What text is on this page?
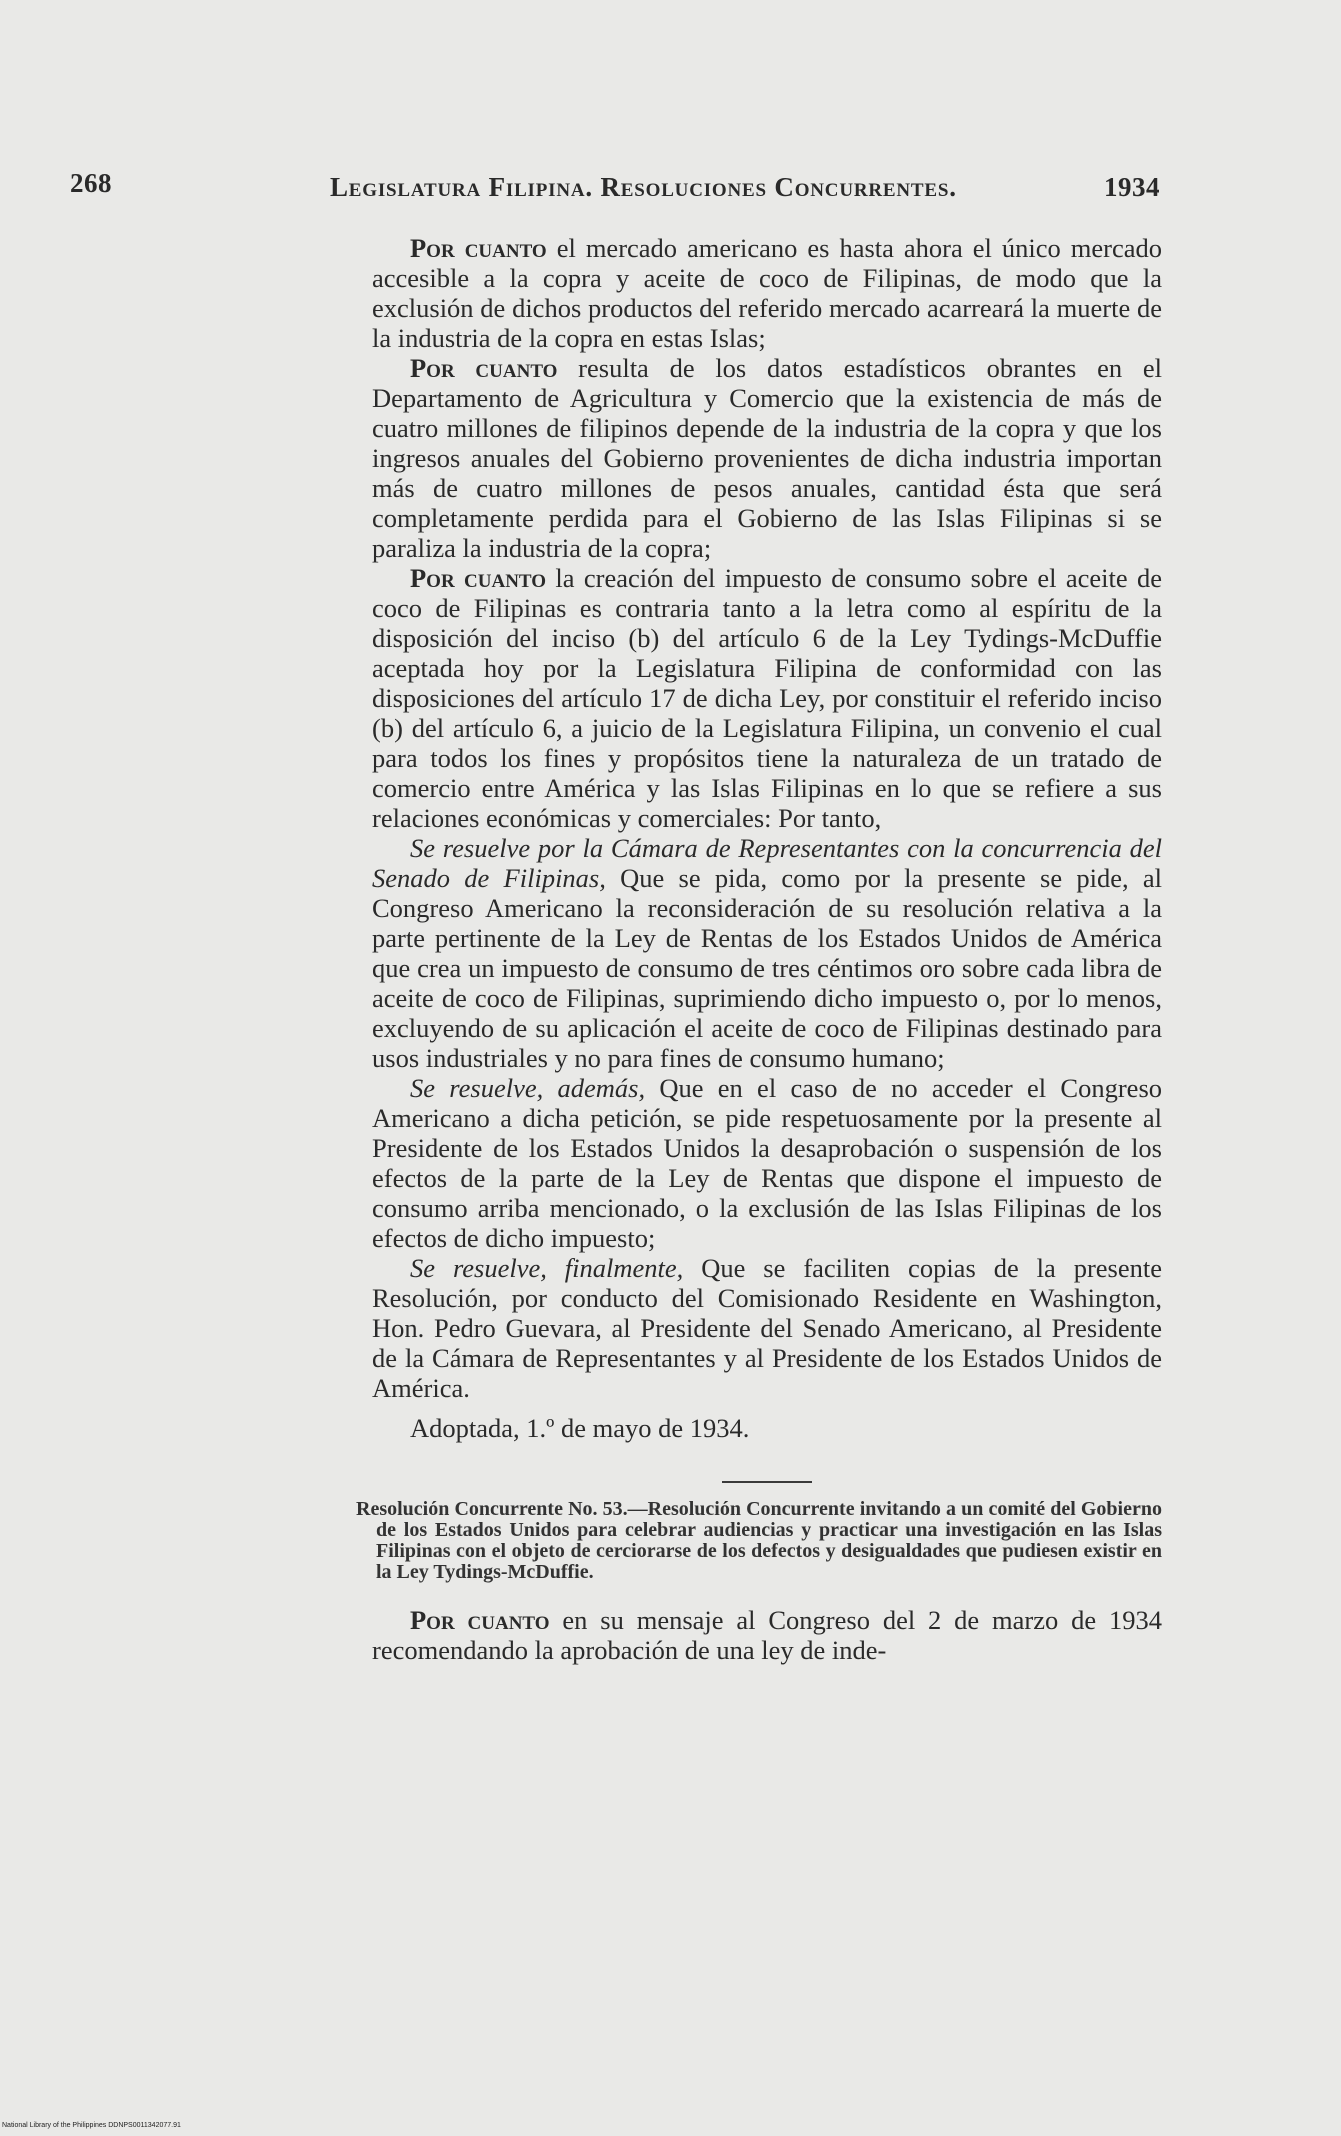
268	Legislatura Filipina. Resoluciones Concurrentes.	1934

Por cuanto el mercado americano es hasta ahora el único mercado accesible a la copra y aceite de coco de Filipinas, de modo que la exclusión de dichos productos del referido mercado acarreará la muerte de la industria de la copra en estas Islas;

Por cuanto resulta de los datos estadísticos obrantes en el Departamento de Agricultura y Comercio que la existencia de más de cuatro millones de filipinos depende de la industria de la copra y que los ingresos anuales del Gobierno provenientes de dicha industria importan más de cuatro millones de pesos anuales, cantidad ésta que será completamente perdida para el Gobierno de las Islas Filipinas si se paraliza la industria de la copra;

Por cuanto la creación del impuesto de consumo sobre el aceite de coco de Filipinas es contraria tanto a la letra como al espíritu de la disposición del inciso (b) del artículo 6 de la Ley Tydings-McDuffie aceptada hoy por la Legislatura Filipina de conformidad con las disposiciones del artículo 17 de dicha Ley, por constituir el referido inciso (b) del artículo 6, a juicio de la Legislatura Filipina, un convenio el cual para todos los fines y propósitos tiene la naturaleza de un tratado de comercio entre América y las Islas Filipinas en lo que se refiere a sus relaciones económicas y comerciales: Por tanto,

Se resuelve por la Cámara de Representantes con la concurrencia del Senado de Filipinas, Que se pida, como por la presente se pide, al Congreso Americano la reconsideración de su resolución relativa a la parte pertinente de la Ley de Rentas de los Estados Unidos de América que crea un impuesto de consumo de tres céntimos oro sobre cada libra de aceite de coco de Filipinas, suprimiendo dicho impuesto o, por lo menos, excluyendo de su aplicación el aceite de coco de Filipinas destinado para usos industriales y no para fines de consumo humano;

Se resuelve, además, Que en el caso de no acceder el Congreso Americano a dicha petición, se pide respetuosamente por la presente al Presidente de los Estados Unidos la desaprobación o suspensión de los efectos de la parte de la Ley de Rentas que dispone el impuesto de consumo arriba mencionado, o la exclusión de las Islas Filipinas de los efectos de dicho impuesto;

Se resuelve, finalmente, Que se faciliten copias de la presente Resolución, por conducto del Comisionado Residente en Washington, Hon. Pedro Guevara, al Presidente del Senado Americano, al Presidente de la Cámara de Representantes y al Presidente de los Estados Unidos de América.

Adoptada, 1.º de mayo de 1934.

Resolución Concurrente No. 53.—Resolución Concurrente invitando a un comité del Gobierno de los Estados Unidos para celebrar audiencias y practicar una investigación en las Islas Filipinas con el objeto de cerciorarse de los defectos y desigualdades que pudiesen existir en la Ley Tydings-McDuffie.

Por cuanto en su mensaje al Congreso del 2 de marzo de 1934 recomendando la aprobación de una ley de inde-

National Library of the Philippines DDNPS0011342077.91
